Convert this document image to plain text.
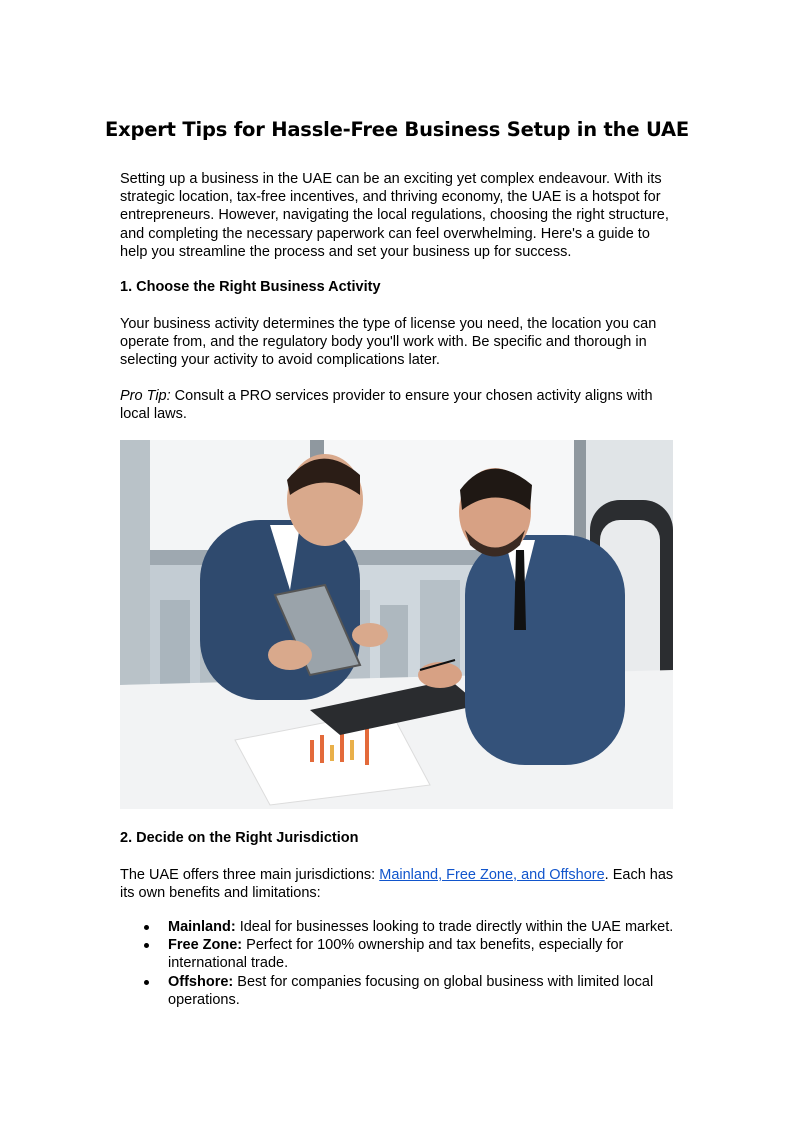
Expert Tips for Hassle-Free Business Setup in the UAE

Setting up a business in the UAE can be an exciting yet complex endeavour. With its strategic location, tax-free incentives, and thriving economy, the UAE is a hotspot for entrepreneurs. However, navigating the local regulations, choosing the right structure, and completing the necessary paperwork can feel overwhelming. Here's a guide to help you streamline the process and set your business up for success.

1. Choose the Right Business Activity

Your business activity determines the type of license you need, the location you can operate from, and the regulatory body you'll work with. Be specific and thorough in selecting your activity to avoid complications later.

Pro Tip: Consult a PRO services provider to ensure your chosen activity aligns with local laws.

2. Decide on the Right Jurisdiction

The UAE offers three main jurisdictions: Mainland, Free Zone, and Offshore. Each has its own benefits and limitations:

Mainland: Ideal for businesses looking to trade directly within the UAE market.
Free Zone: Perfect for 100% ownership and tax benefits, especially for international trade.
Offshore: Best for companies focusing on global business with limited local operations.
